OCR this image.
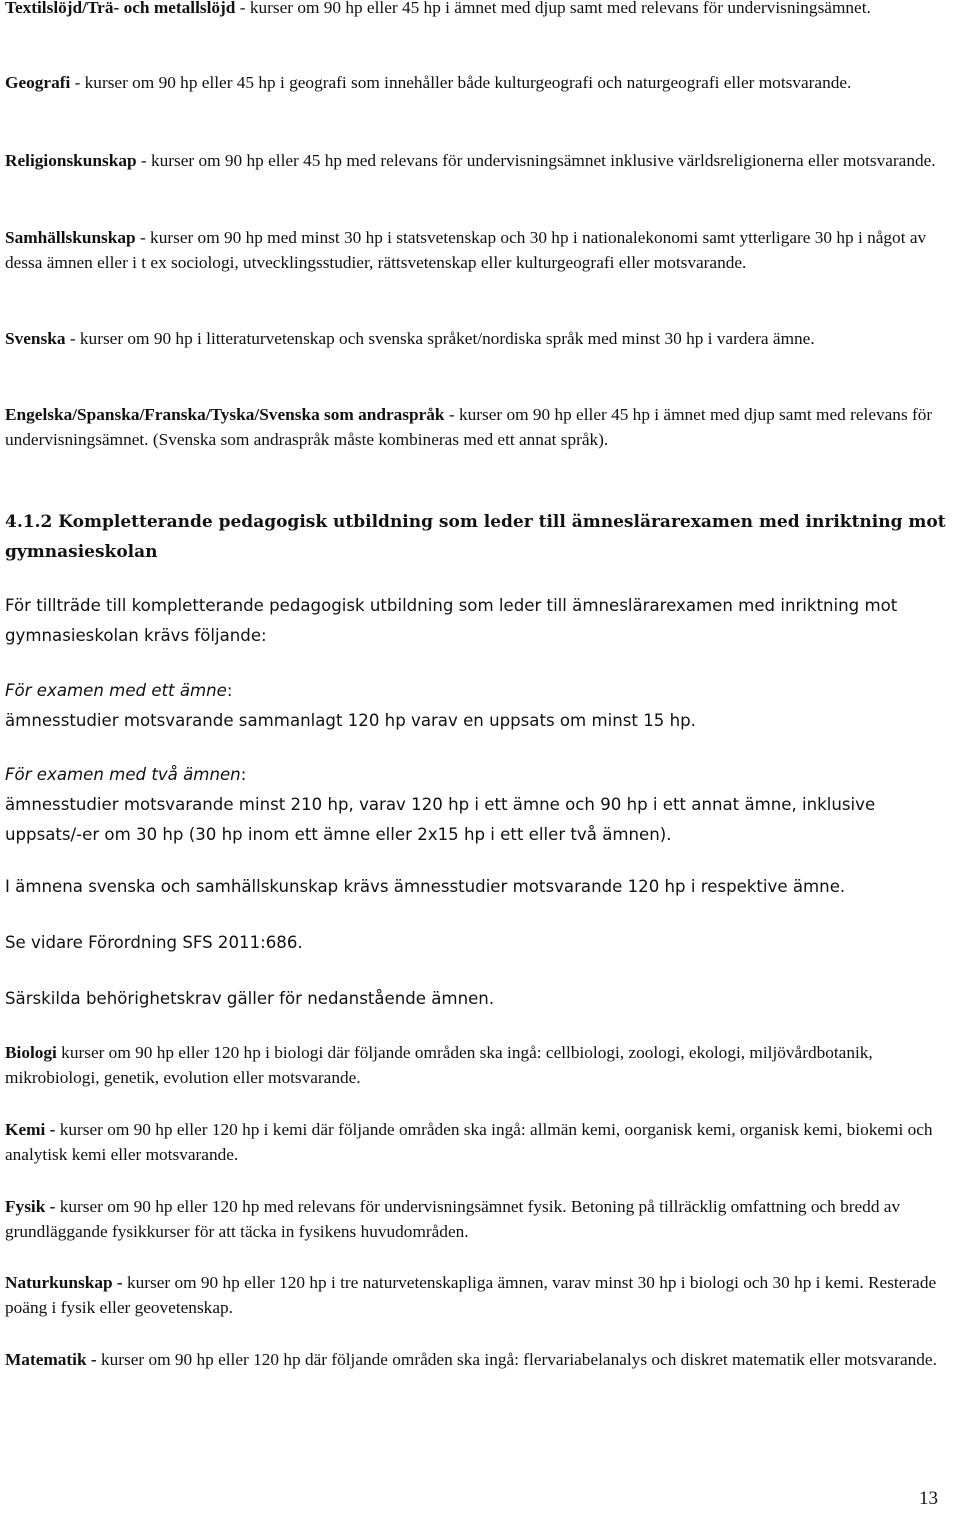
Textilslöjd/Trä- och metallslöjd - kurser om 90 hp eller 45 hp i ämnet med djup samt med relevans för undervisningsämnet.

Geografi - kurser om 90 hp eller 45 hp i geografi som innehåller både kulturgeografi och naturgeografi eller motsvarande.

Religionskunskap - kurser om 90 hp eller 45 hp med relevans för undervisningsämnet inklusive världsreligionerna eller motsvarande.

Samhällskunskap - kurser om 90 hp med minst 30 hp i statsvetenskap och 30 hp i nationalekonomi samt ytterligare 30 hp i något av dessa ämnen eller i t ex sociologi, utvecklingsstudier, rättsvetenskap eller kulturgeografi eller motsvarande.

Svenska - kurser om 90 hp i litteraturvetenskap och svenska språket/nordiska språk med minst 30 hp i vardera ämne.

Engelska/Spanska/Franska/Tyska/Svenska som andraspråk - kurser om 90 hp eller 45 hp i ämnet med djup samt med relevans för undervisningsämnet. (Svenska som andraspråk måste kombineras med ett annat språk).

4.1.2 Kompletterande pedagogisk utbildning som leder till ämneslärarexamen med inriktning mot gymnasieskolan

För tillträde till kompletterande pedagogisk utbildning som leder till ämneslärarexamen med inriktning mot gymnasieskolan krävs följande:

För examen med ett ämne:
ämnesstudier motsvarande sammanlagt 120 hp varav en uppsats om minst 15 hp.

För examen med två ämnen:
ämnesstudier motsvarande minst 210 hp, varav 120 hp i ett ämne och 90 hp i ett annat ämne, inklusive uppsats/-er om 30 hp (30 hp inom ett ämne eller 2x15 hp i ett eller två ämnen).

I ämnena svenska och samhällskunskap krävs ämnesstudier motsvarande 120 hp i respektive ämne.

Se vidare Förordning SFS 2011:686.

Särskilda behörighetskrav gäller för nedanstående ämnen.

Biologi kurser om 90 hp eller 120 hp i biologi där följande områden ska ingå: cellbiologi, zoologi, ekologi, miljövårdbotanik, mikrobiologi, genetik, evolution eller motsvarande.

Kemi - kurser om 90 hp eller 120 hp i kemi där följande områden ska ingå: allmän kemi, oorganisk kemi, organisk kemi, biokemi och analytisk kemi eller motsvarande.

Fysik - kurser om 90 hp eller 120 hp med relevans för undervisningsämnet fysik. Betoning på tillräcklig omfattning och bredd av grundläggande fysikkurser för att täcka in fysikens huvudområden.

Naturkunskap - kurser om 90 hp eller 120 hp i tre naturvetenskapliga ämnen, varav minst 30 hp i biologi och 30 hp i kemi. Resterade poäng i fysik eller geovetenskap.

Matematik - kurser om 90 hp eller 120 hp där följande områden ska ingå: flervariabelanalys och diskret matematik eller motsvarande.

13
